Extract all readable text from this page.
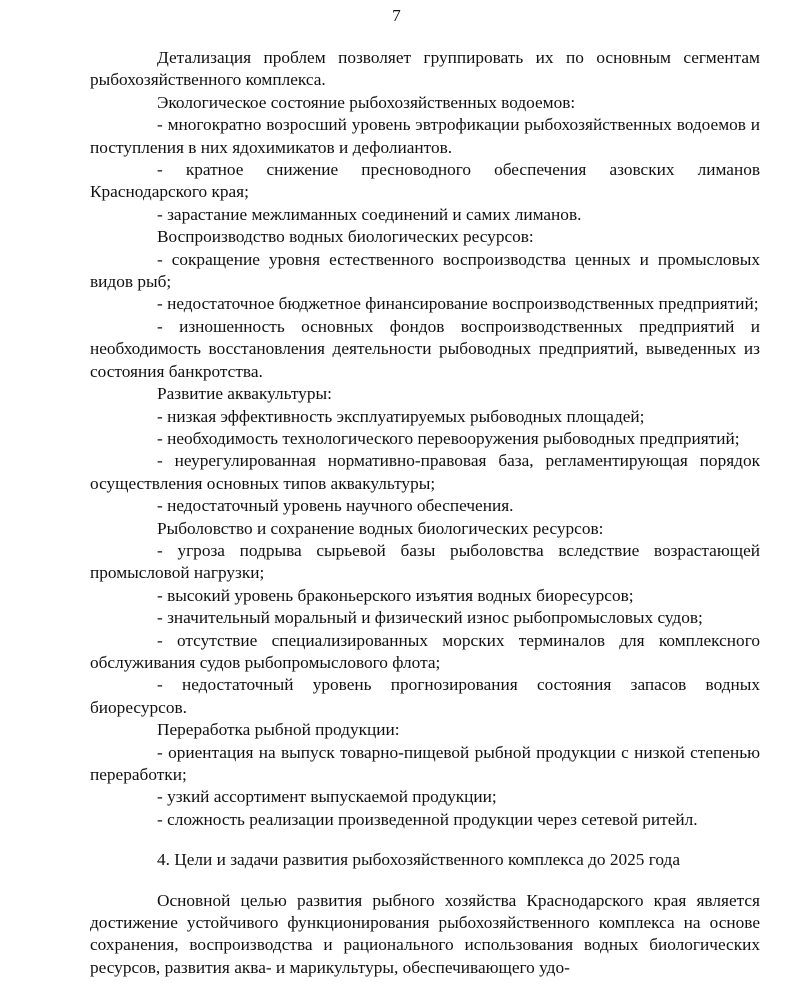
7

Детализация проблем позволяет группировать их по основным сегментам рыбохозяйственного комплекса.

Экологическое состояние рыбохозяйственных водоемов:

- многократно возросший уровень эвтрофикации рыбохозяйственных водоемов и поступления в них ядохимикатов и дефолиантов.

- кратное снижение пресноводного обеспечения азовских лиманов Краснодарского края;

- зарастание межлиманных соединений и самих лиманов.

Воспроизводство водных биологических ресурсов:

- сокращение уровня естественного воспроизводства ценных и промысловых видов рыб;

- недостаточное бюджетное финансирование воспроизводственных предприятий;

- изношенность основных фондов воспроизводственных предприятий и необходимость восстановления деятельности рыбоводных предприятий, выведенных из состояния банкротства.

Развитие аквакультуры:

- низкая эффективность эксплуатируемых рыбоводных площадей;

- необходимость технологического перевооружения рыбоводных предприятий;

- неурегулированная нормативно-правовая база, регламентирующая порядок осуществления основных типов аквакультуры;

- недостаточный уровень научного обеспечения.

Рыболовство и сохранение водных биологических ресурсов:

- угроза подрыва сырьевой базы рыболовства вследствие возрастающей промысловой нагрузки;

- высокий уровень браконьерского изъятия водных биоресурсов;

- значительный моральный и физический износ рыбопромысловых судов;

- отсутствие специализированных морских терминалов для комплексного обслуживания судов рыбопромыслового флота;

- недостаточный уровень прогнозирования состояния запасов водных биоресурсов.

Переработка рыбной продукции:

- ориентация на выпуск товарно-пищевой рыбной продукции с низкой степенью переработки;

- узкий ассортимент выпускаемой продукции;

- сложность реализации произведенной продукции через сетевой ритейл.

4. Цели и задачи развития рыбохозяйственного комплекса до 2025 года

Основной целью развития рыбного хозяйства Краснодарского края является достижение устойчивого функционирования рыбохозяйственного комплекса на основе сохранения, воспроизводства и рационального использования водных биологических ресурсов, развития аква- и марикультуры, обеспечивающего удо-
